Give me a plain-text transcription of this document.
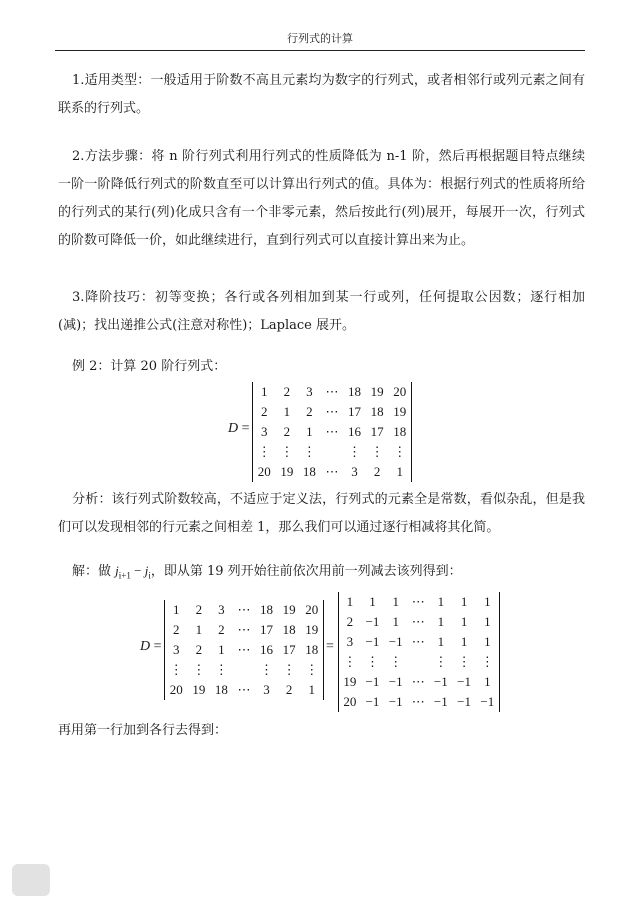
行列式的计算

1.适用类型：一般适用于阶数不高且元素均为数字的行列式，或者相邻行或列元素之间有联系的行列式。

2.方法步骤：将 n 阶行列式利用行列式的性质降低为 n-1 阶，然后再根据题目特点继续一阶一阶降低行列式的阶数直至可以计算出行列式的值。具体为：根据行列式的性质将所给的行列式的某行(列)化成只含有一个非零元素，然后按此行(列)展开，每展开一次，行列式的阶数可降低一价，如此继续进行，直到行列式可以直接计算出来为止。

3.降阶技巧：初等变换；各行或各列相加到某一行或列，任何提取公因数；逐行相加(减)；找出递推公式(注意对称性)；Laplace 展开。

例 2：计算 20 阶行列式：

D =
1	2	3	⋯	18	19	20
2	1	2	⋯	17	18	19
3	2	1	⋯	16	17	18
⋮	⋮	⋮		⋮	⋮	⋮
20	19	18	⋯	3	2	1

分析：该行列式阶数较高，不适应于定义法，行列式的元素全是常数，看似杂乱，但是我们可以发现相邻的行元素之间相差 1，那么我们可以通过逐行相减将其化简。

解：做 $j_{i+1} - j_i$，即从第 19 列开始往前依次用前一列减去该列得到：

D =
1	2	3	⋯	18	19	20
2	1	2	⋯	17	18	19
3	2	1	⋯	16	17	18
⋮	⋮	⋮		⋮	⋮	⋮
20	19	18	⋯	3	2	1
=
1	1	1	⋯	1	1	1
2	−1	1	⋯	1	1	1
3	−1	−1	⋯	1	1	1
⋮	⋮	⋮		⋮	⋮	⋮
19	−1	−1	⋯	−1	−1	1
20	−1	−1	⋯	−1	−1	−1

再用第一行加到各行去得到：
